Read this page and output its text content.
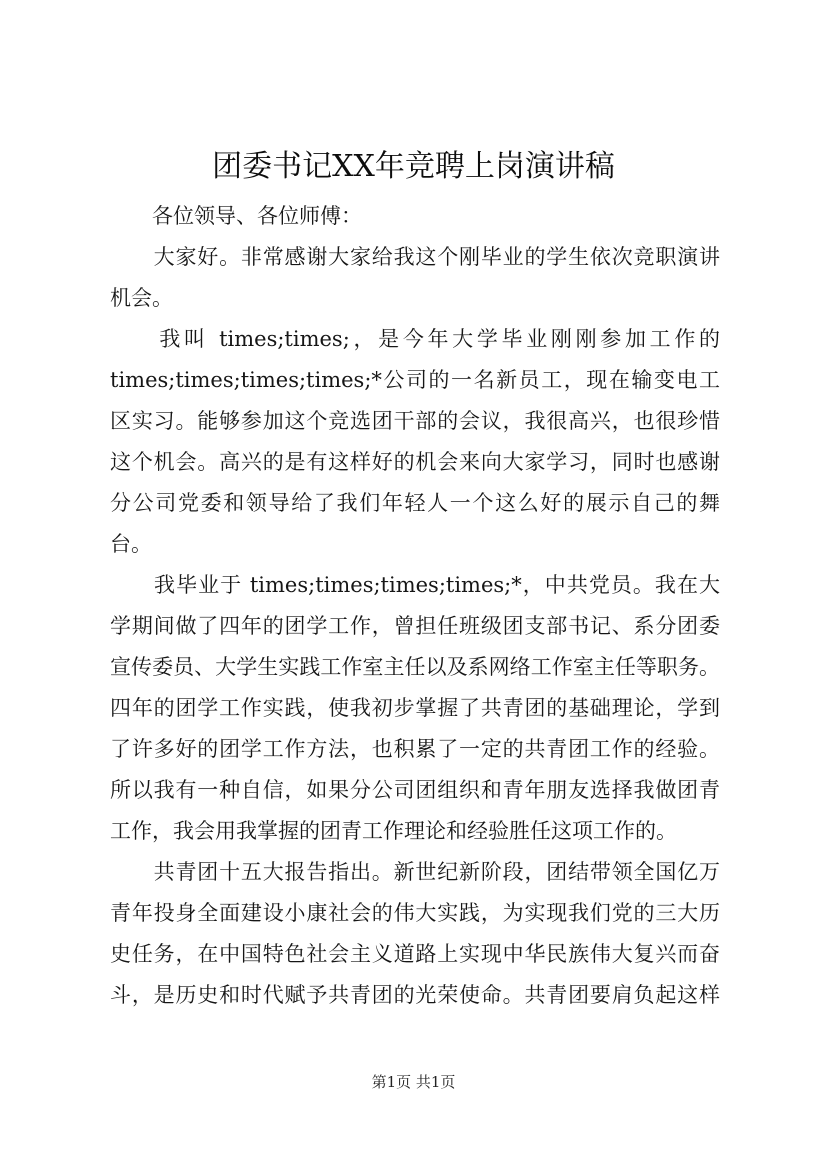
团委书记XX年竞聘上岗演讲稿
　　各位领导、各位师傅：
　　大家好。非常感谢大家给我这个刚毕业的学生依次竞职演讲
机会。
　　我叫 times;times;，是今年大学毕业刚刚参加工作的
times;times;times;times;*公司的一名新员工，现在输变电工
区实习。能够参加这个竞选团干部的会议，我很高兴，也很珍惜
这个机会。高兴的是有这样好的机会来向大家学习，同时也感谢
分公司党委和领导给了我们年轻人一个这么好的展示自己的舞
台。
　　我毕业于 times;times;times;times;*，中共党员。我在大
学期间做了四年的团学工作，曾担任班级团支部书记、系分团委
宣传委员、大学生实践工作室主任以及系网络工作室主任等职务。
四年的团学工作实践，使我初步掌握了共青团的基础理论，学到
了许多好的团学工作方法，也积累了一定的共青团工作的经验。
所以我有一种自信，如果分公司团组织和青年朋友选择我做团青
工作，我会用我掌握的团青工作理论和经验胜任这项工作的。
　　共青团十五大报告指出。新世纪新阶段，团结带领全国亿万
青年投身全面建设小康社会的伟大实践，为实现我们党的三大历
史任务，在中国特色社会主义道路上实现中华民族伟大复兴而奋
斗，是历史和时代赋予共青团的光荣使命。共青团要肩负起这样
第1页 共1页
